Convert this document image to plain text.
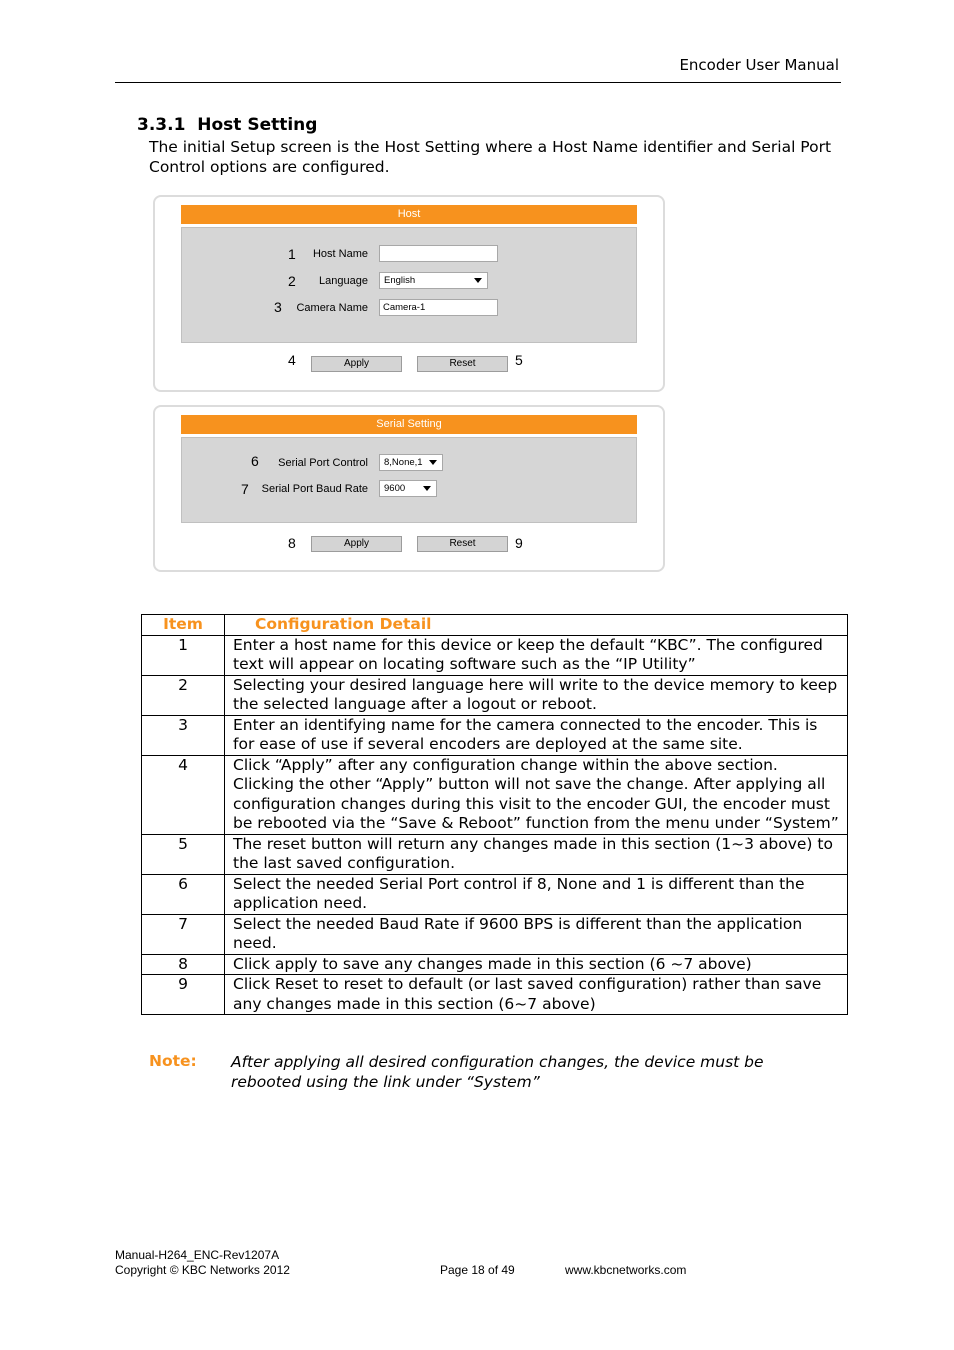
Encoder User Manual
3.3.1 Host Setting
The initial Setup screen is the Host Setting where a Host Name identifier and Serial Port Control options are configured.
Host
1	Host Name
2	Language	English
3	Camera Name	Camera-1
4	Apply	Reset	5
Serial Setting
6	Serial Port Control	8,None,1
7	Serial Port Baud Rate	9600
8	Apply	Reset	9
Item	Configuration Detail
1	Enter a host name for this device or keep the default “KBC”. The configured text will appear on locating software such as the “IP Utility”
2	Selecting your desired language here will write to the device memory to keep the selected language after a logout or reboot.
3	Enter an identifying name for the camera connected to the encoder. This is for ease of use if several encoders are deployed at the same site.
4	Click “Apply” after any configuration change within the above section. Clicking the other “Apply” button will not save the change. After applying all configuration changes during this visit to the encoder GUI, the encoder must be rebooted via the “Save & Reboot” function from the menu under “System”
5	The reset button will return any changes made in this section (1~3 above) to the last saved configuration.
6	Select the needed Serial Port control if 8, None and 1 is different than the application need.
7	Select the needed Baud Rate if 9600 BPS is different than the application need.
8	Click apply to save any changes made in this section (6 ~7 above)
9	Click Reset to reset to default (or last saved configuration) rather than save any changes made in this section (6~7 above)
Note: After applying all desired configuration changes, the device must be rebooted using the link under “System”
Manual-H264_ENC-Rev1207A
Copyright © KBC Networks 2012	Page 18 of 49	www.kbcnetworks.com
